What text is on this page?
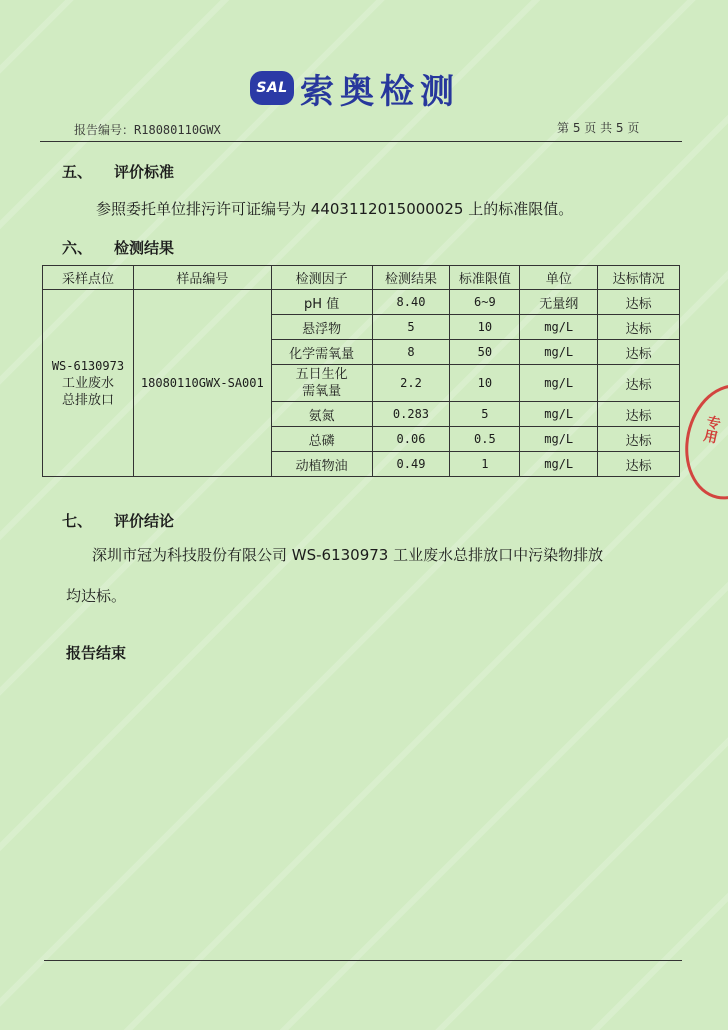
SAL 索奥检测
报告编号：R18080110GWX	第 5 页 共 5 页
五、 评价标准
参照委托单位排污许可证编号为 4403112015000025 上的标准限值。
六、 检测结果
采样点位	样品编号	检测因子	检测结果	标准限值	单位	达标情况

WS-6130973
工业废水
总排放口	18080110GWX-SA001	pH 值	8.40	6~9	无量纲	达标
		悬浮物	5	10	mg/L	达标
		化学需氧量	8	50	mg/L	达标

		五日生化
需氧量	2.2	10	mg/L	达标
		氨氮	0.283	5	mg/L	达标
		总磷	0.06	0.5	mg/L	达标
		动植物油	0.49	1	mg/L	达标
七、 评价结论
深圳市冠为科技股份有限公司 WS-6130973 工业废水总排放口中污染物排放
均达标。
报告结束
专用
